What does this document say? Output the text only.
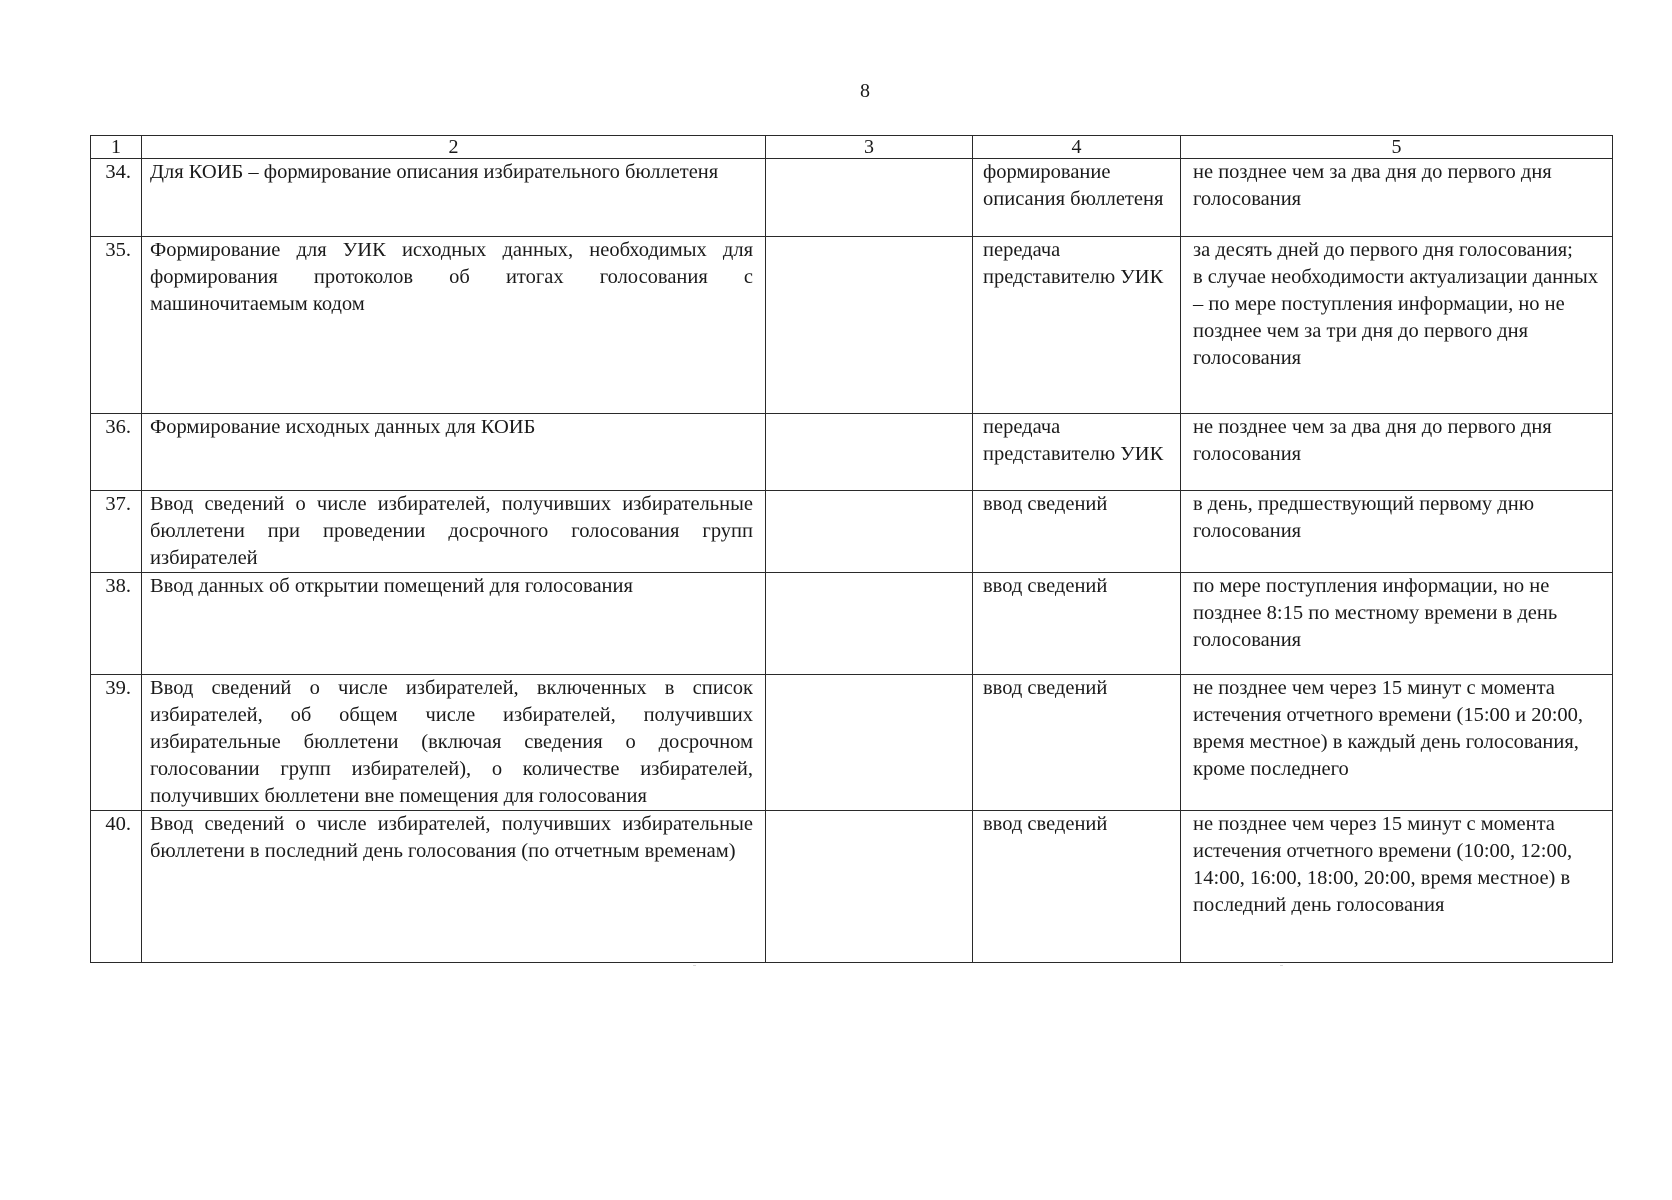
8
1	2	3	4	5
34.	Для КОИБ – формирование описания избирательного бюллетеня		формирование описания бюллетеня	не позднее чем за два дня до первого дня голосования
35.	Формирование для УИК исходных данных, необходимых для формирования протоколов об итогах голосования с машиночитаемым кодом		передача представителю УИК	за десять дней до первого дня голосования;
в случае необходимости актуализации данных – по мере поступления информации, но не позднее чем за три дня до первого дня голосования
36.	Формирование исходных данных для КОИБ		передача представителю УИК	не позднее чем за два дня до первого дня голосования
37.	Ввод сведений о числе избирателей, получивших избирательные бюллетени при проведении досрочного голосования групп избирателей		ввод сведений	в день, предшествующий первому дню голосования
38.	Ввод данных об открытии помещений для голосования		ввод сведений	по мере поступления информации, но не позднее 8:15 по местному времени в день голосования
39.	Ввод сведений о числе избирателей, включенных в список избирателей, об общем числе избирателей, получивших избирательные бюллетени (включая сведения о досрочном голосовании групп избирателей), о количестве избирателей, получивших бюллетени вне помещения для голосования		ввод сведений	не позднее чем через 15 минут с момента истечения отчетного времени (15:00 и 20:00, время местное) в каждый день голосования, кроме последнего
40.	Ввод сведений о числе избирателей, получивших избирательные бюллетени в последний день голосования (по отчетным временам)		ввод сведений	не позднее чем через 15 минут с момента истечения отчетного времени (10:00, 12:00, 14:00, 16:00, 18:00, 20:00, время местное) в последний день голосования
